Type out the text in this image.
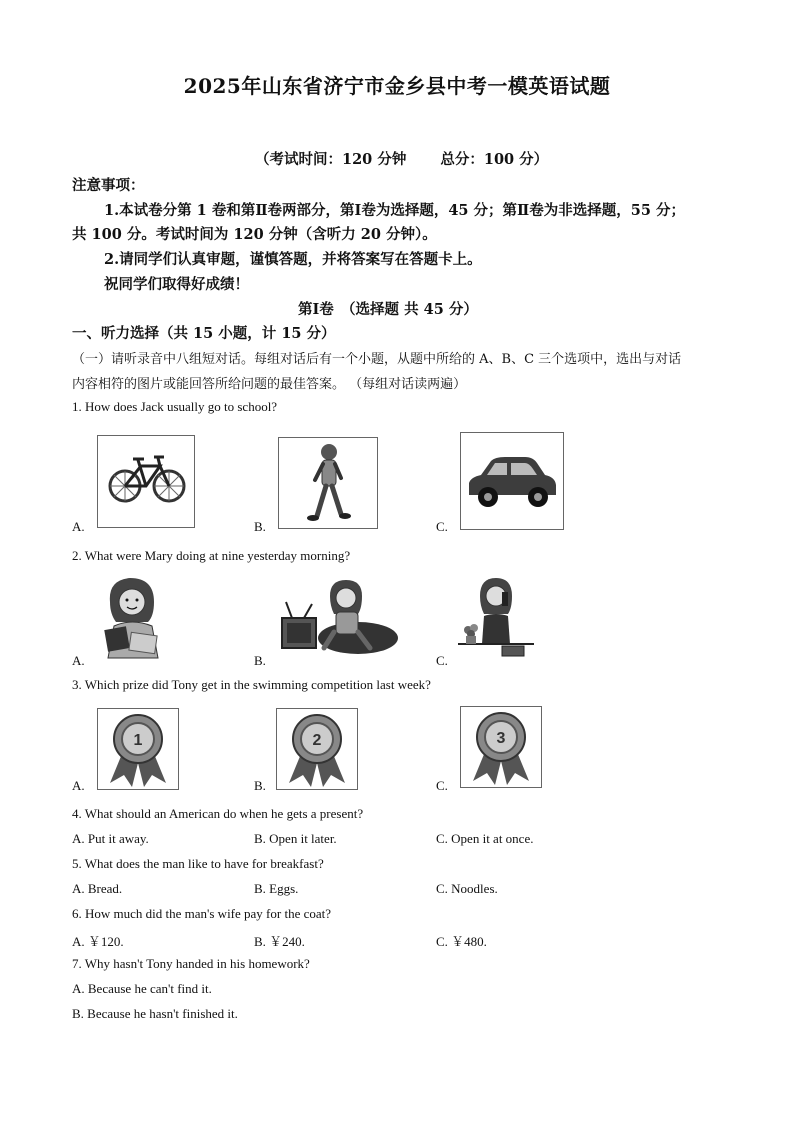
2025年山东省济宁市金乡县中考一模英语试题
（考试时间：120 分钟　　 总分：100 分）
注意事项：
1.本试卷分第 1 卷和第Ⅱ卷两部分，第Ⅰ卷为选择题，45 分；第Ⅱ卷为非选择题，55 分；
共 100 分。考试时间为 120 分钟（含听力 20 分钟）。
2.请同学们认真审题，谨慎答题，并将答案写在答题卡上。
祝同学们取得好成绩！
第Ⅰ卷　（选择题 共 45 分）
一、听力选择（共 15 小题，计 15 分）
（一）请听录音中八组短对话。每组对话后有一个小题，从题中所给的 A、B、C 三个选项中，选出与对话
内容相符的图片或能回答所给问题的最佳答案。 （每组对话读两遍）
1. How does Jack usually go to school?
A.	B.	C.
2. What were Mary doing at nine yesterday morning?
A.	B.	C.
3. Which prize did Tony get in the swimming competition last week?
A.
1
B.
2
C.
3
4. What should an American do when he gets a present?
A. Put it away.	B. Open it later.	C. Open it at once.
5. What does the man like to have for breakfast?
A. Bread.	B. Eggs.	C. Noodles.
6. How much did the man's wife pay for the coat?
A. ￥120.	B. ￥240.	C. ￥480.
7. Why hasn't Tony handed in his homework?
A. Because he can't find it.
B. Because he hasn't finished it.
